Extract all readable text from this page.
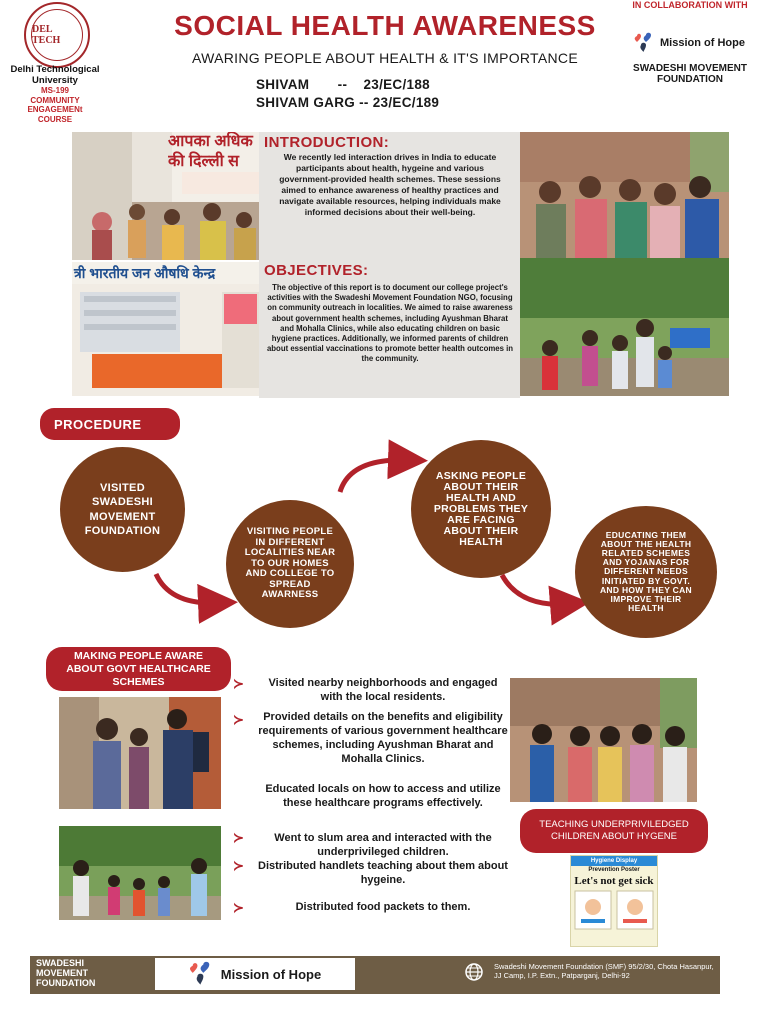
DEL TECH
Delhi Technological University
MS-199
COMMUNITY
ENGAGEMENt
COURSE
SOCIAL HEALTH AWARENESS
AWARING PEOPLE ABOUT HEALTH & IT'S IMPORTANCE
SHIVAM       --    23/EC/188
SHIVAM GARG -- 23/EC/189
IN COLLABORATION WITH
Mission of Hope
SWADESHI MOVEMENT FOUNDATION
आपका अधिक
की दिल्ली स
त्री भारतीय जन औषधि केन्द्र
INTRODUCTION:
We recently led interaction drives in India to educate participants about health, hygeine and various government-provided health schemes. These sessions aimed to enhance awareness of healthy practices and navigate available resources, helping individuals make informed decisions about their well-being.
OBJECTIVES:
The objective of this report is to document our college project's activities with the Swadeshi Movement Foundation NGO, focusing on community outreach in localities. We aimed to raise awareness about government health schemes, including Ayushman Bharat and Mohalla Clinics, while also educating children on basic hygiene practices. Additionally, we informed parents of children about essential vaccinations to promote better health outcomes in the community.
PROCEDURE
VISITED SWADESHI MOVEMENT FOUNDATION	VISITING PEOPLE IN DIFFERENT LOCALITIES NEAR TO OUR HOMES AND COLLEGE TO SPREAD AWARNESS
ASKING PEOPLE ABOUT THEIR HEALTH AND PROBLEMS THEY ARE FACING ABOUT THEIR HEALTH
EDUCATING THEM ABOUT THE HEALTH RELATED SCHEMES AND YOJANAS FOR DIFFERENT NEEDS INITIATED BY GOVT. AND HOW THEY CAN IMPROVE THEIR HEALTH
MAKING PEOPLE AWARE ABOUT GOVT HEALTHCARE SCHEMES	≻	Visited nearby neighborhoods and engaged with the local residents.
≻	Provided details on the benefits and eligibility requirements of various government healthcare schemes, including Ayushman Bharat and Mohalla Clinics.
Educated locals on how to access and utilize these healthcare programs effectively.
≻	Went to slum area and interacted with the underprivileged children.
≻ Distributed handlets teaching about them about hygeine.
≻	Distributed food packets to them.
TEACHING UNDERPRIVILEDGED CHILDREN ABOUT HYGENE
Hygiene Display
Prevention Poster
Let's not get sick
SWADESHI
MOVEMENT
FOUNDATION
Mission of Hope	Swadeshi Movement Foundation (SMF) 95/2/30, Chota Hasanpur, JJ Camp, I.P. Extn., Patparganj, Delhi-92
